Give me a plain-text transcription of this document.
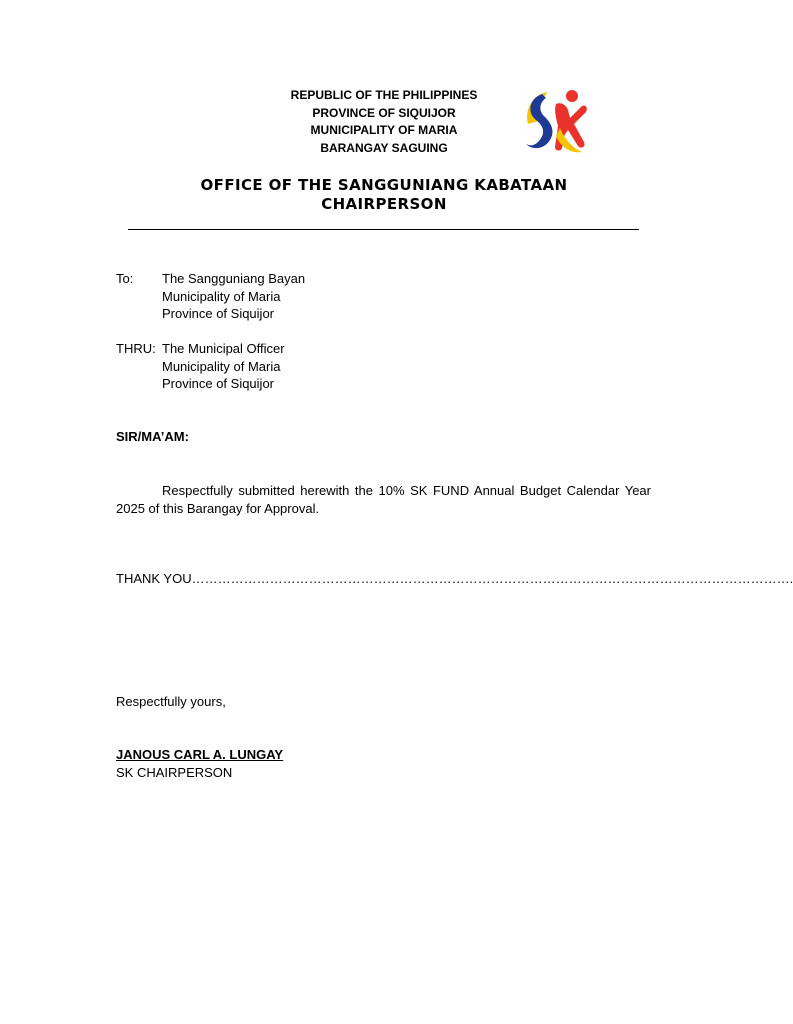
REPUBLIC OF THE PHILIPPINES
PROVINCE OF SIQUIJOR
MUNICIPALITY OF MARIA
BARANGAY SAGUING
OFFICE OF THE SANGGUNIANG KABATAAN
CHAIRPERSON
To: The Sangguniang Bayan
Municipality of Maria
Province of Siquijor
THRU: The Municipal Officer
Municipality of Maria
Province of Siquijor
SIR/MA’AM:
Respectfully submitted herewith the 10% SK FUND Annual Budget Calendar Year 2025 of this Barangay for Approval.
THANK YOU………………………………………………………………………………………………………………………….
Respectfully yours,
JANOUS CARL A. LUNGAY
SK CHAIRPERSON
